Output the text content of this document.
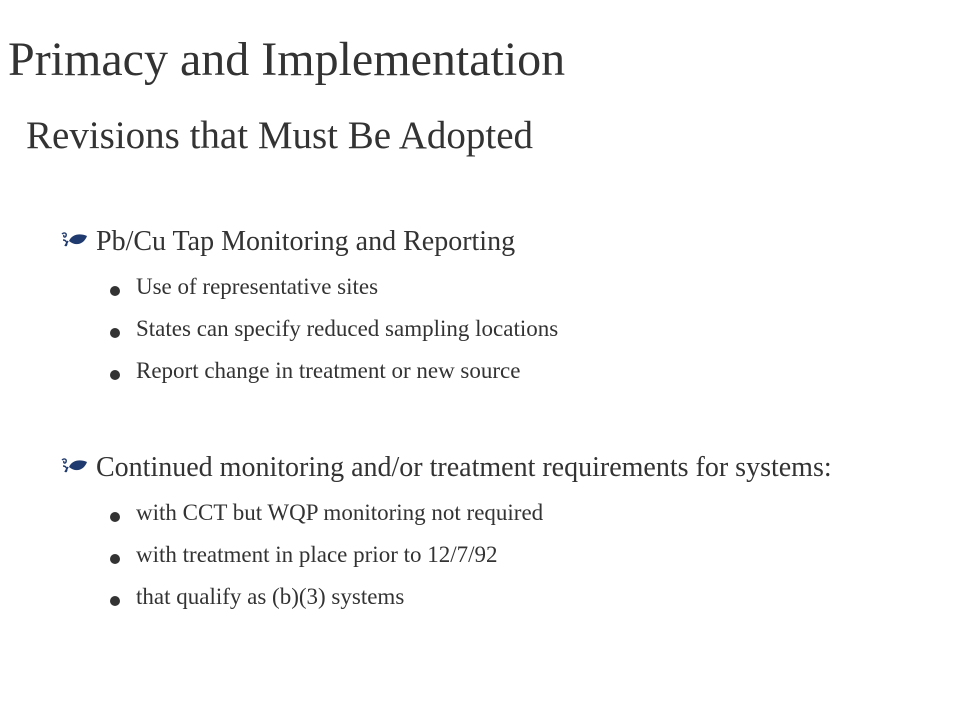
Primacy and Implementation
Revisions that Must Be Adopted
Pb/Cu Tap Monitoring and Reporting
Use of representative sites
States can specify reduced sampling locations
Report change in treatment or new source
Continued monitoring and/or treatment requirements for systems:
with CCT but WQP monitoring not required
with treatment in place prior to 12/7/92
that qualify as (b)(3) systems
